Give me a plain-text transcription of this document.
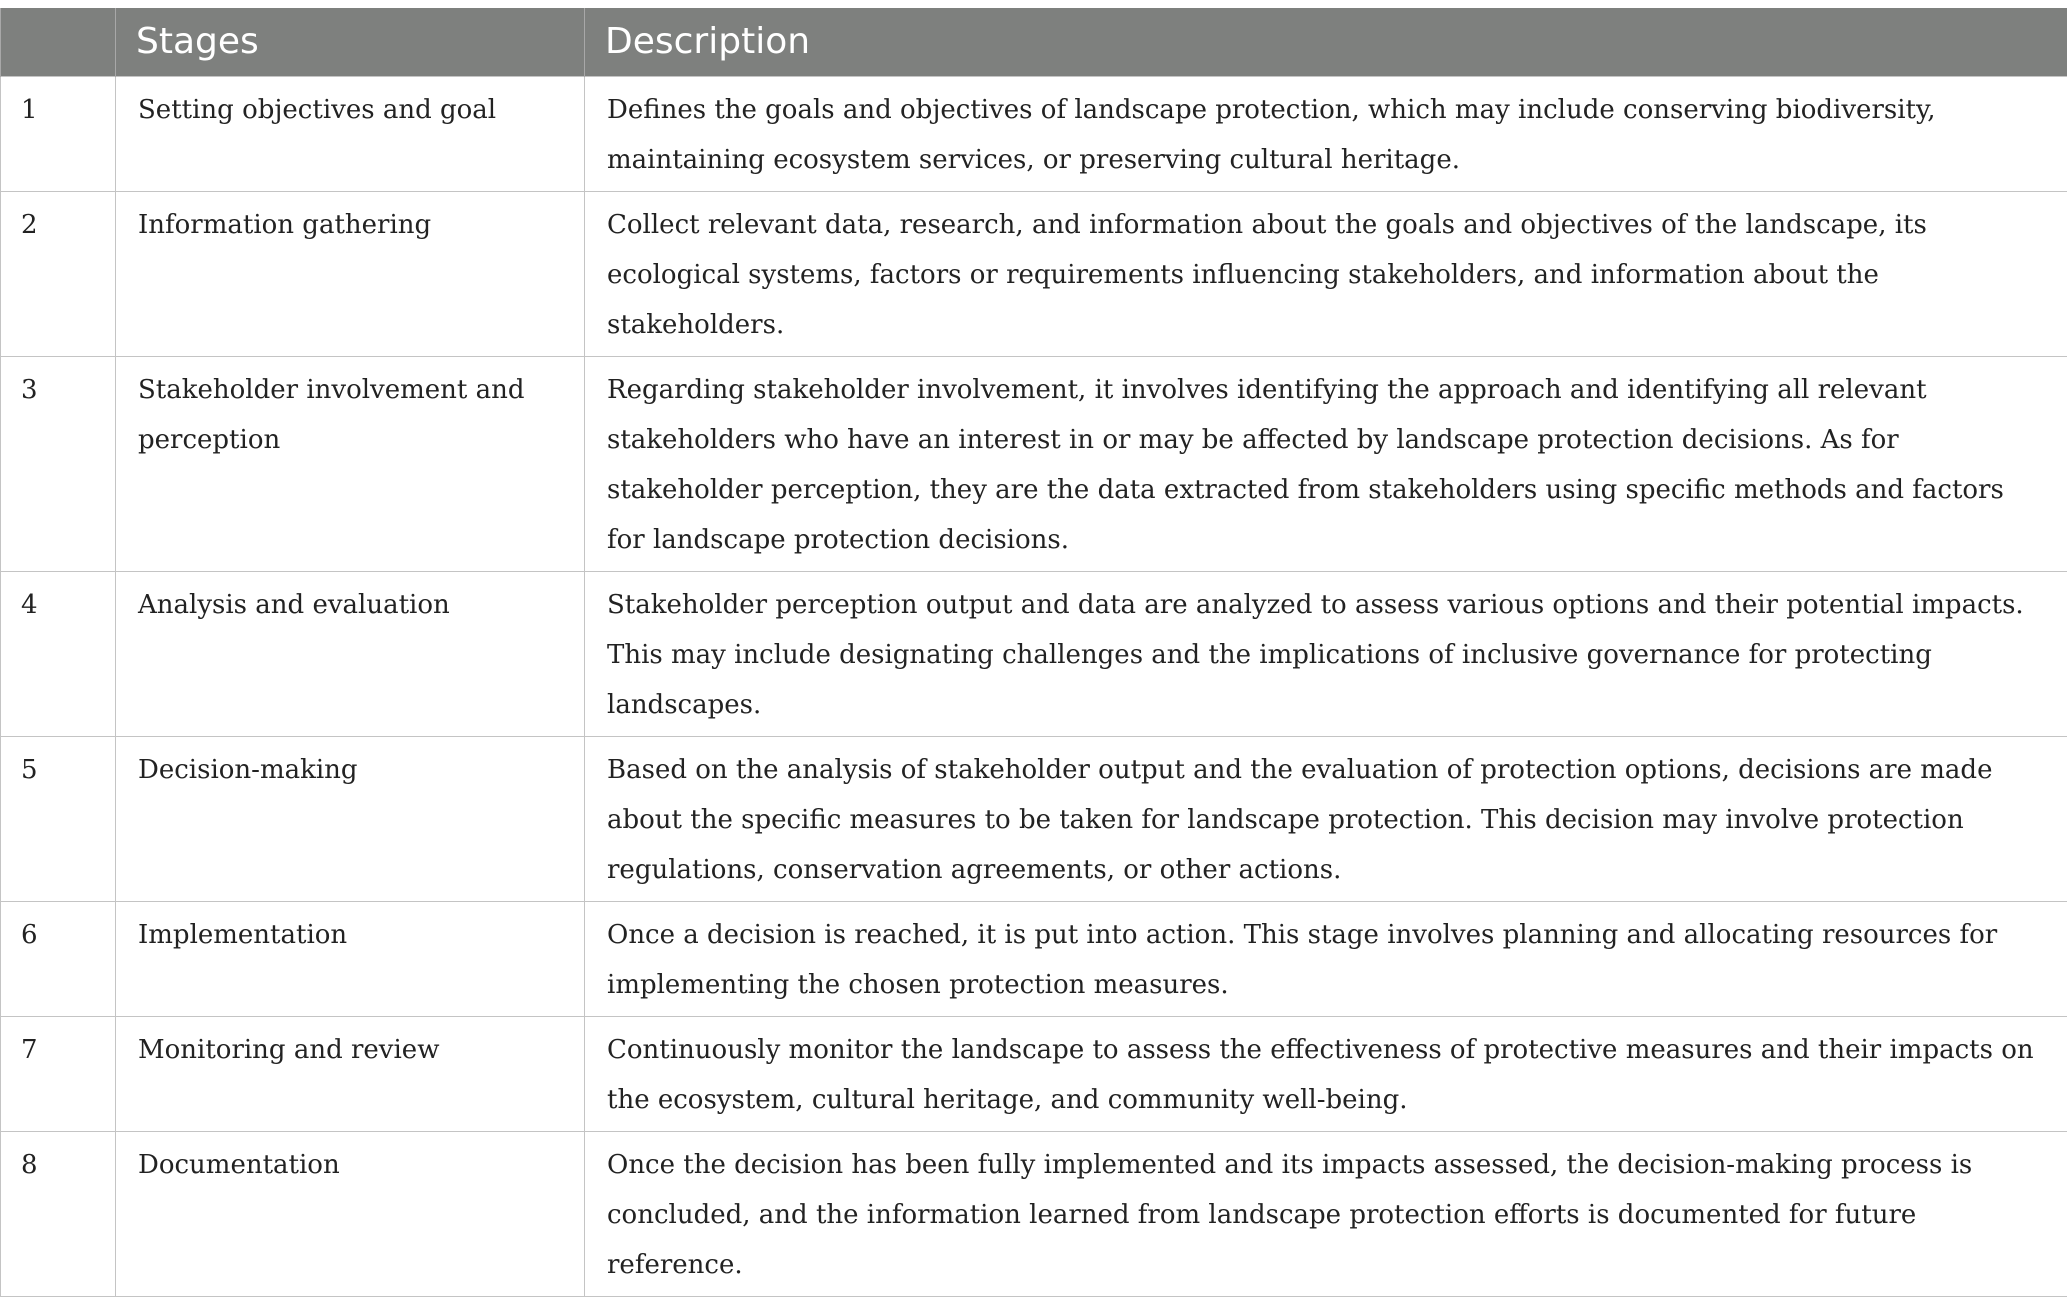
	Stages	Description
1	Setting objectives and goal	Defines the goals and objectives of landscape protection, which may include conserving biodiversity, maintaining ecosystem services, or preserving cultural heritage.
2	Information gathering	Collect relevant data, research, and information about the goals and objectives of the landscape, its ecological systems, factors or requirements influencing stakeholders, and information about the stakeholders.
3	Stakeholder involvement and perception	Regarding stakeholder involvement, it involves identifying the approach and identifying all relevant stakeholders who have an interest in or may be affected by landscape protection decisions. As for stakeholder perception, they are the data extracted from stakeholders using specific methods and factors for landscape protection decisions.
4	Analysis and evaluation	Stakeholder perception output and data are analyzed to assess various options and their potential impacts. This may include designating challenges and the implications of inclusive governance for protecting landscapes.
5	Decision-making	Based on the analysis of stakeholder output and the evaluation of protection options, decisions are made about the specific measures to be taken for landscape protection. This decision may involve protection regulations, conservation agreements, or other actions.
6	Implementation	Once a decision is reached, it is put into action. This stage involves planning and allocating resources for implementing the chosen protection measures.
7	Monitoring and review	Continuously monitor the landscape to assess the effectiveness of protective measures and their impacts on the ecosystem, cultural heritage, and community well-being.
8	Documentation	Once the decision has been fully implemented and its impacts assessed, the decision-making process is concluded, and the information learned from landscape protection efforts is documented for future reference.
